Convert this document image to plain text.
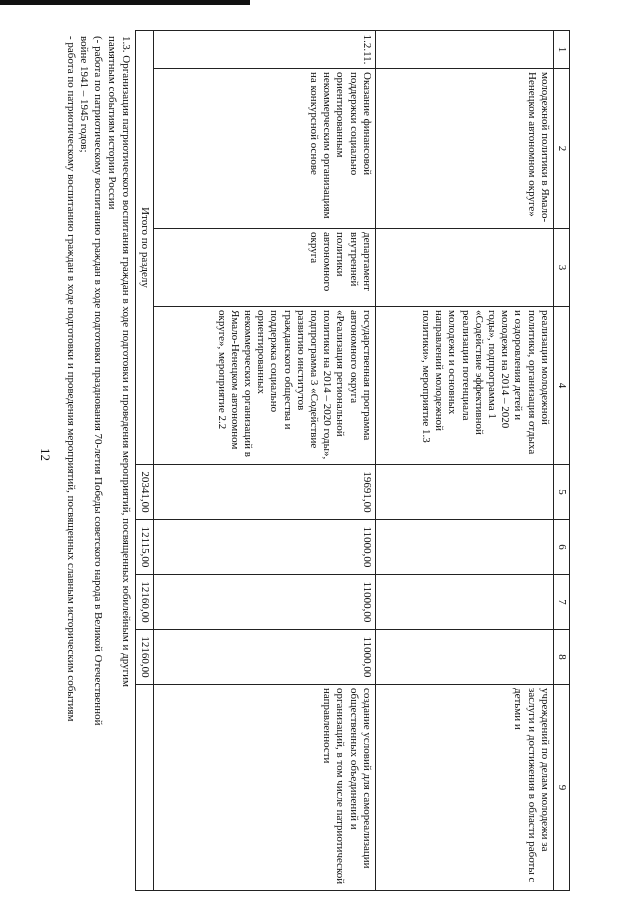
12
1	2	3	4	5	6	7	8	9
	молодежной политики в Ямало-Ненецком автономном округе»		реализации молодежной политики, организация отдыха и оздоровления детей и молодежи на 2014 – 2020 годы», подпрограмма 1 «Содействие эффективной реализации потенциала молодежи и основных направлений молодежной политики», мероприятие 1.3					учреждений по делам молодежи за заслуги и достижения в области работы с детьми и
1.2.11.	Оказание финансовой поддержки социально ориентированным некоммерческим организациям на конкурсной основе	департамент внутренней политики автономного округа	государственная программа автономного округа «Реализация региональной политики на 2014 – 2020 годы», подпрограмма 3 «Содействие развитию институтов гражданского общества и поддержка социально ориентированных некоммерческих организаций в Ямало-Ненецком автономном округе», мероприятие 2.2	19691,00	11000,00	11000,00	11000,00	создание условий для самореализации общественных объединений и организаций, в том числе патриотической направленности
Итого по разделу				20341,00	12115,00	12160,00	12160,00	
1.3. Организация патриотического воспитания граждан в ходе подготовки и проведения мероприятий, посвященных юбилейным и другим
памятным событиям истории России
(- работа по патриотическому воспитанию граждан в ходе подготовки празднования 70-летия Победы советского народа в Великой Отечественной
войне 1941 – 1945 годов;
- работа по патриотическому воспитанию граждан в ходе подготовки и проведения мероприятий, посвященных славным историческим событиям
